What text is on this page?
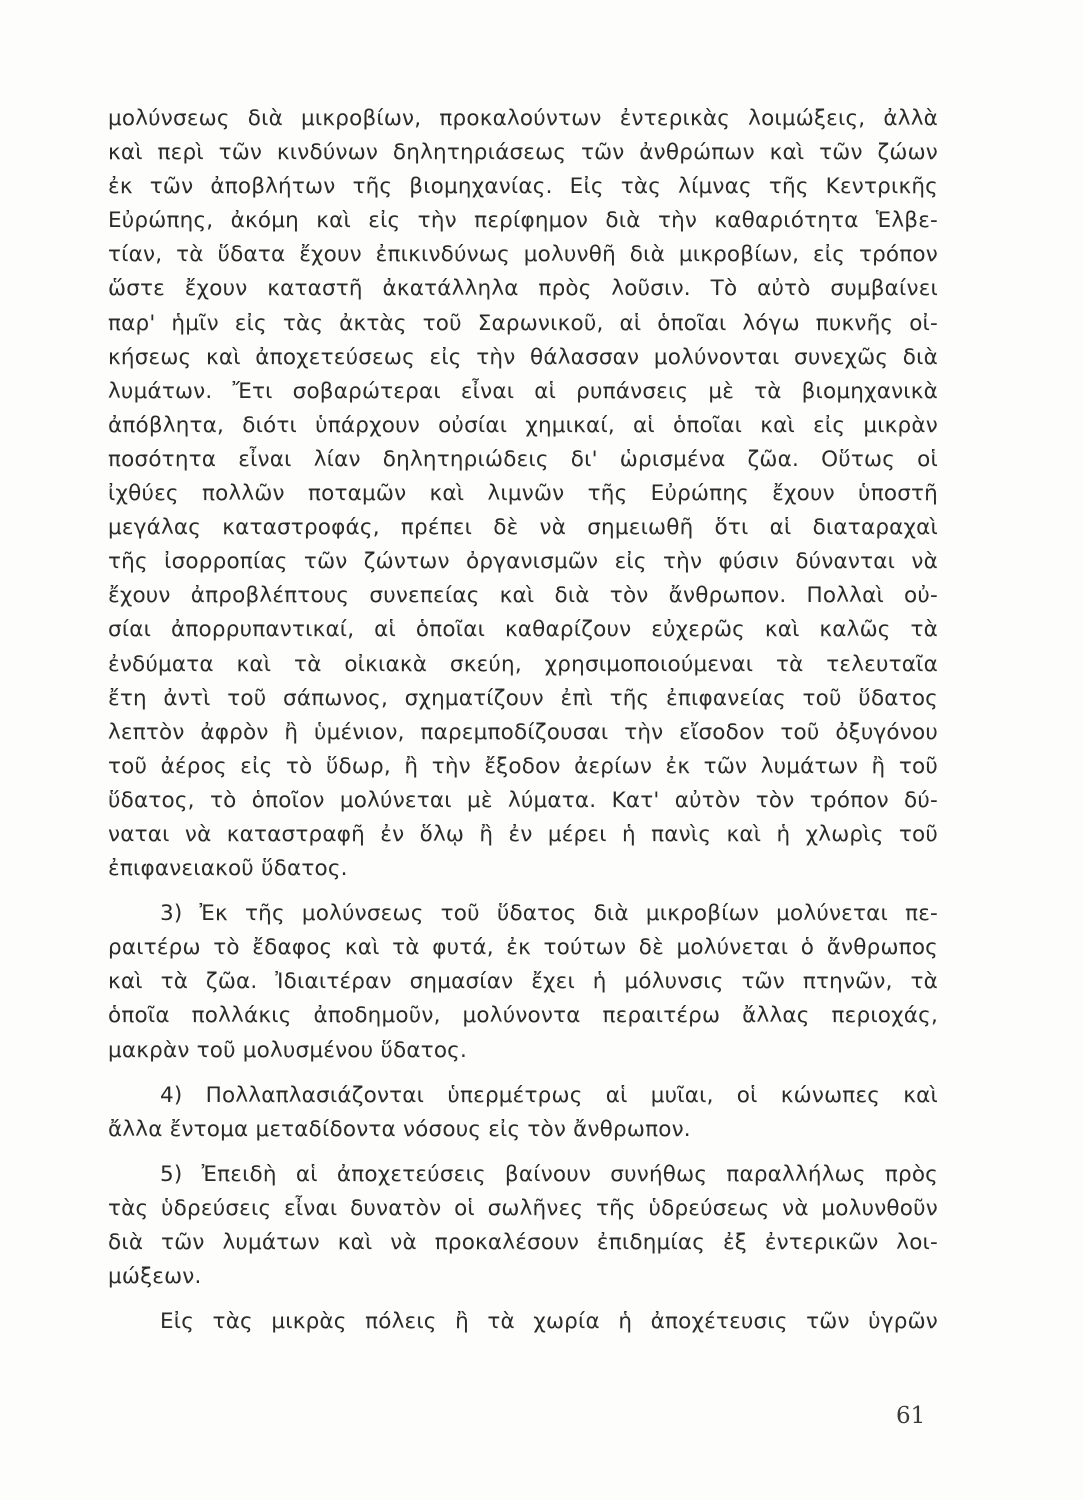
μολύνσεως διὰ μικροβίων, προκαλούντων ἐντερικὰς λοιμώξεις, ἀλλὰ
καὶ περὶ τῶν κινδύνων δηλητηριάσεως τῶν ἀνθρώπων καὶ τῶν ζώων
ἐκ τῶν ἀποβλήτων τῆς βιομηχανίας. Εἰς τὰς λίμνας τῆς Κεντρικῆς
Εὐρώπης, ἀκόμη καὶ εἰς τὴν περίφημον διὰ τὴν καθαριότητα Ἑλβε-
τίαν, τὰ ὕδατα ἔχουν ἐπικινδύνως μολυνθῆ διὰ μικροβίων, εἰς τρόπον
ὥστε ἔχουν καταστῆ ἀκατάλληλα πρὸς λοῦσιν. Τὸ αὐτὸ συμβαίνει
παρ' ἡμῖν εἰς τὰς ἀκτὰς τοῦ Σαρωνικοῦ, αἱ ὁποῖαι λόγω πυκνῆς οἰ-
κήσεως καὶ ἀποχετεύσεως εἰς τὴν θάλασσαν μολύνονται συνεχῶς διὰ
λυμάτων. Ἔτι σοβαρώτεραι εἶναι αἱ ρυπάνσεις μὲ τὰ βιομηχανικὰ
ἀπόβλητα, διότι ὑπάρχουν οὐσίαι χημικαί, αἱ ὁποῖαι καὶ εἰς μικρὰν
ποσότητα εἶναι λίαν δηλητηριώδεις δι' ὡρισμένα ζῶα. Οὕτως οἱ
ἰχθύες πολλῶν ποταμῶν καὶ λιμνῶν τῆς Εὐρώπης ἔχουν ὑποστῆ
μεγάλας καταστροφάς, πρέπει δὲ νὰ σημειωθῆ ὅτι αἱ διαταραχαὶ
τῆς ἰσορροπίας τῶν ζώντων ὀργανισμῶν εἰς τὴν φύσιν δύνανται νὰ
ἔχουν ἀπροβλέπτους συνεπείας καὶ διὰ τὸν ἄνθρωπον. Πολλαὶ οὐ-
σίαι ἀπορρυπαντικαί, αἱ ὁποῖαι καθαρίζουν εὐχερῶς καὶ καλῶς τὰ
ἐνδύματα καὶ τὰ οἰκιακὰ σκεύη, χρησιμοποιούμεναι τὰ τελευταῖα
ἔτη ἀντὶ τοῦ σάπωνος, σχηματίζουν ἐπὶ τῆς ἐπιφανείας τοῦ ὕδατος
λεπτὸν ἀφρὸν ἢ ὑμένιον, παρεμποδίζουσαι τὴν εἴσοδον τοῦ ὀξυγόνου
τοῦ ἀέρος εἰς τὸ ὕδωρ, ἢ τὴν ἔξοδον ἀερίων ἐκ τῶν λυμάτων ἢ τοῦ
ὕδατος, τὸ ὁποῖον μολύνεται μὲ λύματα. Κατ' αὐτὸν τὸν τρόπον δύ-
ναται νὰ καταστραφῆ ἐν ὅλῳ ἢ ἐν μέρει ἡ πανὶς καὶ ἡ χλωρὶς τοῦ
ἐπιφανειακοῦ ὕδατος.
3) Ἐκ τῆς μολύνσεως τοῦ ὕδατος διὰ μικροβίων μολύνεται πε-
ραιτέρω τὸ ἔδαφος καὶ τὰ φυτά, ἐκ τούτων δὲ μολύνεται ὁ ἄνθρωπος
καὶ τὰ ζῶα. Ἰδιαιτέραν σημασίαν ἔχει ἡ μόλυνσις τῶν πτηνῶν, τὰ
ὁποῖα πολλάκις ἀποδημοῦν, μολύνοντα περαιτέρω ἄλλας περιοχάς,
μακρὰν τοῦ μολυσμένου ὕδατος.
4) Πολλαπλασιάζονται ὑπερμέτρως αἱ μυῖαι, οἱ κώνωπες καὶ
ἄλλα ἔντομα μεταδίδοντα νόσους εἰς τὸν ἄνθρωπον.
5) Ἐπειδὴ αἱ ἀποχετεύσεις βαίνουν συνήθως παραλλήλως πρὸς
τὰς ὑδρεύσεις εἶναι δυνατὸν οἱ σωλῆνες τῆς ὑδρεύσεως νὰ μολυνθοῦν
διὰ τῶν λυμάτων καὶ νὰ προκαλέσουν ἐπιδημίας ἐξ ἐντερικῶν λοι-
μώξεων.
Εἰς τὰς μικρὰς πόλεις ἢ τὰ χωρία ἡ ἀποχέτευσις τῶν ὑγρῶν
61
